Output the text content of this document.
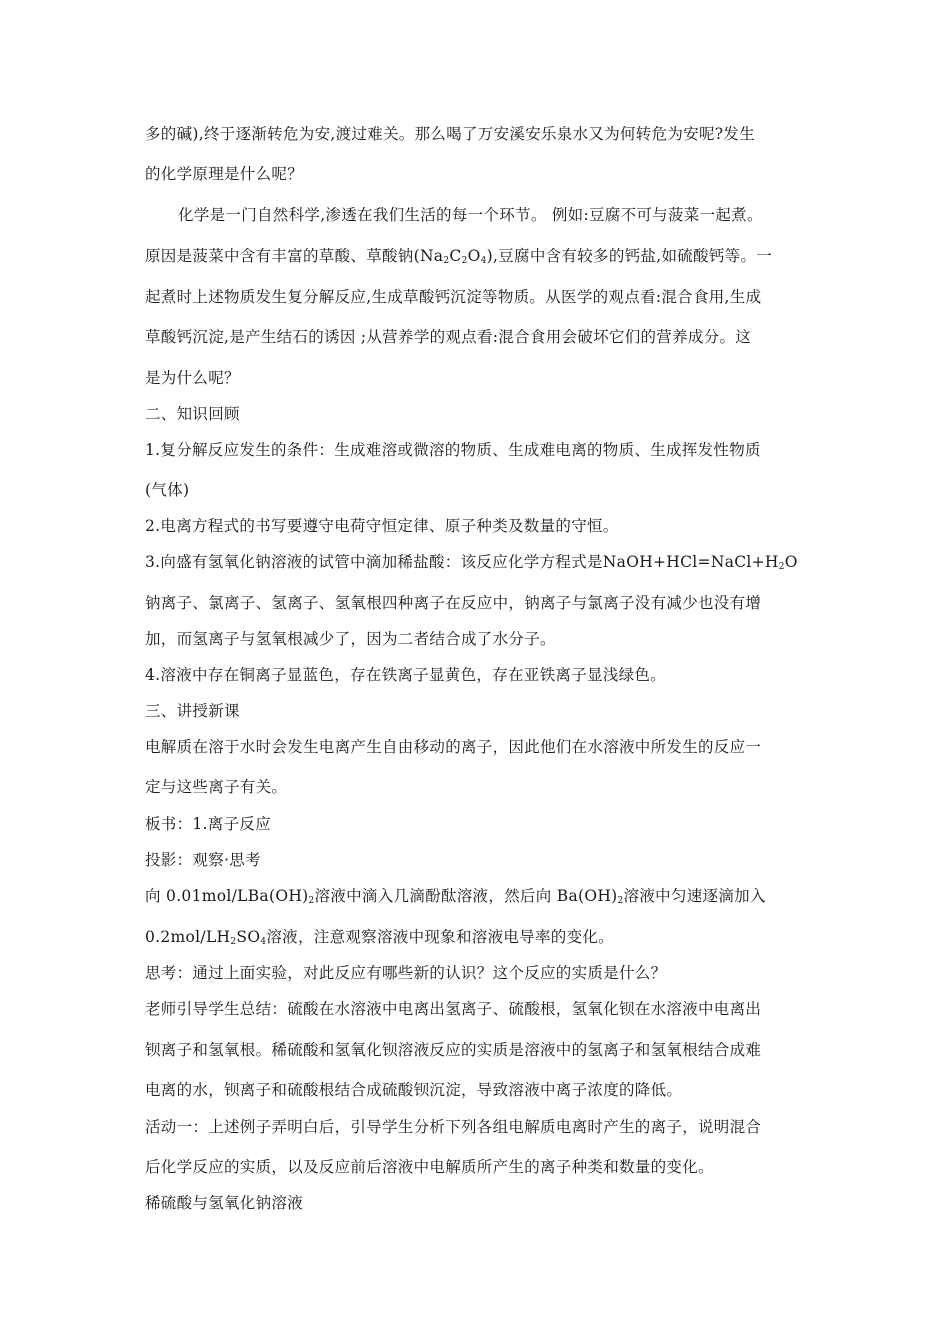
多的碱),终于逐渐转危为安,渡过难关。那么喝了万安溪安乐泉水又为何转危为安呢?发生
的化学原理是什么呢？
化学是一门自然科学,渗透在我们生活的每一个环节。 例如:豆腐不可与菠菜一起煮。
原因是菠菜中含有丰富的草酸、草酸钠$(Na_2C_2O_4)$,豆腐中含有较多的钙盐,如硫酸钙等。一
起煮时上述物质发生复分解反应,生成草酸钙沉淀等物质。从医学的观点看:混合食用,生成
草酸钙沉淀,是产生结石的诱因 ;从营养学的观点看:混合食用会破坏它们的营养成分。这
是为什么呢？
二、知识回顾
1.复分解反应发生的条件：生成难溶或微溶的物质、生成难电离的物质、生成挥发性物质
(气体)
2.电离方程式的书写要遵守电荷守恒定律、原子种类及数量的守恒。
3.向盛有氢氧化钠溶液的试管中滴加稀盐酸：该反应化学方程式是$NaOH+HCl=NaCl+H_2O$
钠离子、氯离子、氢离子、氢氧根四种离子在反应中，钠离子与氯离子没有减少也没有增
加，而氢离子与氢氧根减少了，因为二者结合成了水分子。
4.溶液中存在铜离子显蓝色，存在铁离子显黄色，存在亚铁离子显浅绿色。
三、讲授新课
电解质在溶于水时会发生电离产生自由移动的离子，因此他们在水溶液中所发生的反应一
定与这些离子有关。
板书：1.离子反应
投影：观察·思考
向 $0.01mol/LBa(OH)_2$溶液中滴入几滴酚酞溶液，然后向 $Ba(OH)_2$溶液中匀速逐滴加入
$0.2mol/LH_2SO_4$溶液，注意观察溶液中现象和溶液电导率的变化。
思考：通过上面实验，对此反应有哪些新的认识？这个反应的实质是什么？
老师引导学生总结：硫酸在水溶液中电离出氢离子、硫酸根，氢氧化钡在水溶液中电离出
钡离子和氢氧根。稀硫酸和氢氧化钡溶液反应的实质是溶液中的氢离子和氢氧根结合成难
电离的水，钡离子和硫酸根结合成硫酸钡沉淀，导致溶液中离子浓度的降低。
活动一：上述例子弄明白后，引导学生分析下列各组电解质电离时产生的离子，说明混合
后化学反应的实质，以及反应前后溶液中电解质所产生的离子种类和数量的变化。
稀硫酸与氢氧化钠溶液
